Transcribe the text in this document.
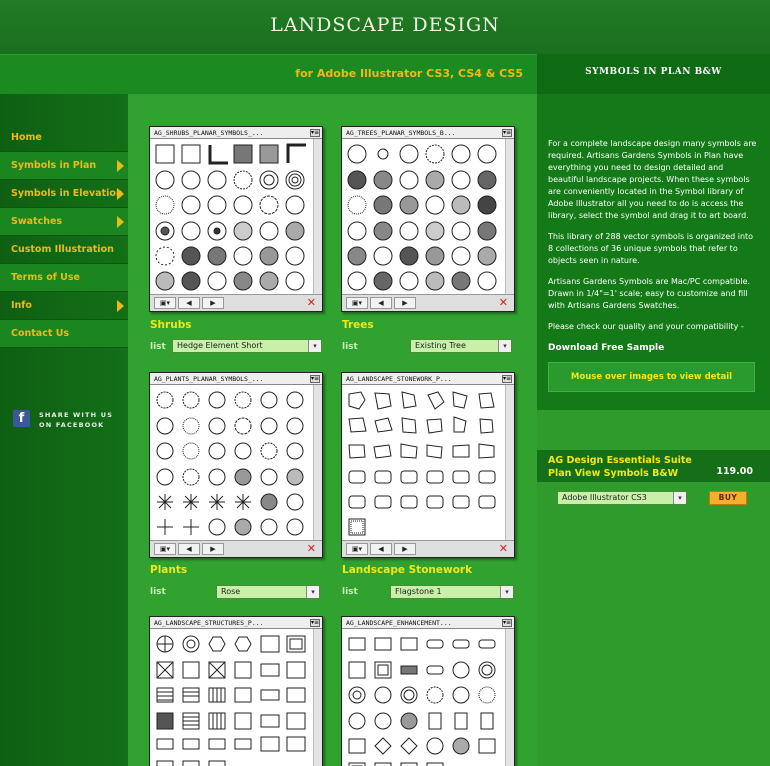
LANDSCAPE DESIGN
for Adobe Illustrator CS3, CS4 & CS5	SYMBOLS IN PLAN B&W
Home
Symbols in Plan
Symbols in Elevation
Swatches
Custom Illustration
Terms of Use
Info
Contact Us
f	SHARE WITH US ON FACEBOOK
AG_SHRUBS_PLANAR_SYMBOLS_...	▾≡
▣▾	◀	▶	✕
Shrubs
list	Hedge Element Short	▾
AG_TREES_PLANAR_SYMBOLS_B...	▾≡
▣▾	◀	▶	✕
Trees
list	Existing Tree	▾
AG_PLANTS_PLANAR_SYMBOLS_...	▾≡
▣▾	◀	▶	✕
Plants
list	Rose	▾
AG_LANDSCAPE_STONEWORK_P...	▾≡
▣▾	◀	▶	✕
Landscape Stonework
list	Flagstone 1	▾
AG_LANDSCAPE_STRUCTURES_P...	▾≡	AG_LANDSCAPE_ENHANCEMENT...	▾≡

For a complete landscape design many symbols are required. Artisans Gardens Symbols in Plan have everything you need to design detailed and beautiful landscape projects. When these symbols are conveniently located in the Symbol library of Adobe Illustrator all you need to do is access the library, select the symbol and drag it to art board.

This library of 288 vector symbols is organized into 8 collections of 36 unique symbols that refer to objects seen in nature.

Artisans Gardens Symbols are Mac/PC compatible. Drawn in 1/4"=1' scale; easy to customize and fill with Artisans Gardens Swatches.

Please check our quality and your compatibility -

Download Free Sample

Mouse over images to view detail
AG Design Essentials Suite
Plan View Symbols B&W	119.00
Adobe Illustrator CS3	▾	BUY
